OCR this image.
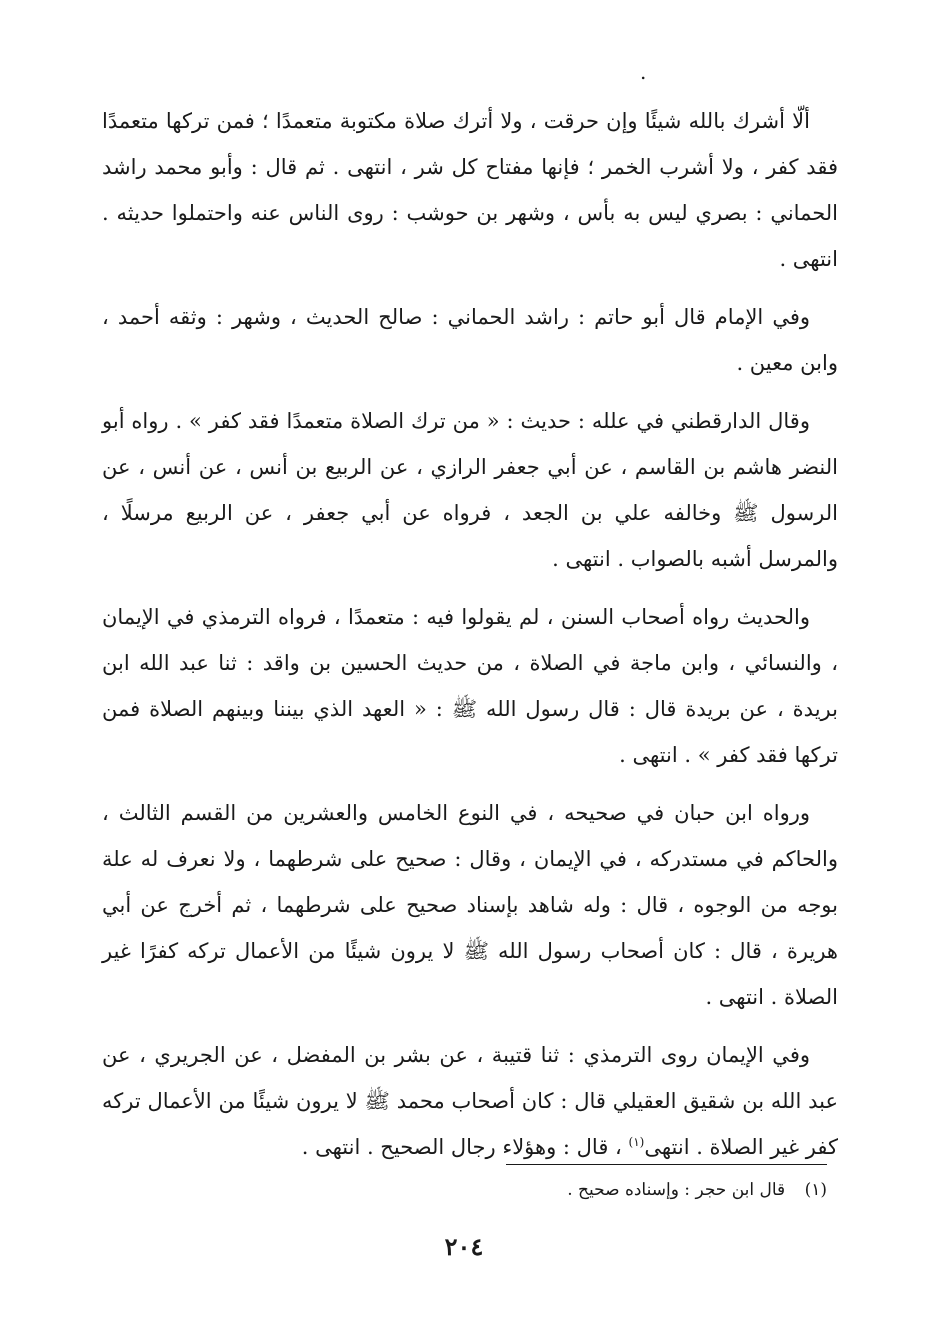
.

ألّا أشرك بالله شيئًا وإن حرقت ، ولا أترك صلاة مكتوبة متعمدًا ؛ فمن تركها متعمدًا فقد كفر ، ولا أشرب الخمر ؛ فإنها مفتاح كل شر ، انتهى . ثم قال : وأبو محمد راشد الحماني : بصري ليس به بأس ، وشهر بن حوشب : روى الناس عنه واحتملوا حديثه . انتهى .

وفي الإمام قال أبو حاتم : راشد الحماني : صالح الحديث ، وشهر : وثقه أحمد ، وابن معين .

وقال الدارقطني في علله : حديث : « من ترك الصلاة متعمدًا فقد كفر » . رواه أبو النضر هاشم بن القاسم ، عن أبي جعفر الرازي ، عن الربيع بن أنس ، عن أنس ، عن الرسول ﷺ وخالفه علي بن الجعد ، فرواه عن أبي جعفر ، عن الربيع مرسلًا ، والمرسل أشبه بالصواب . انتهى .

والحديث رواه أصحاب السنن ، لم يقولوا فيه : متعمدًا ، فرواه الترمذي في الإيمان ، والنسائي ، وابن ماجة في الصلاة ، من حديث الحسين بن واقد : ثنا عبد الله ابن بريدة ، عن بريدة قال : قال رسول الله ﷺ : « العهد الذي بيننا وبينهم الصلاة فمن تركها فقد كفر » . انتهى .

ورواه ابن حبان في صحيحه ، في النوع الخامس والعشرين من القسم الثالث ، والحاكم في مستدركه ، في الإيمان ، وقال : صحيح على شرطهما ، ولا نعرف له علة بوجه من الوجوه ، قال : وله شاهد بإسناد صحيح على شرطهما ، ثم أخرج عن أبي هريرة ، قال : كان أصحاب رسول الله ﷺ لا يرون شيئًا من الأعمال تركه كفرًا غير الصلاة . انتهى .

وفي الإيمان روى الترمذي : ثنا قتيبة ، عن بشر بن المفضل ، عن الجريري ، عن عبد الله بن شقيق العقيلي قال : كان أصحاب محمد ﷺ لا يرون شيئًا من الأعمال تركه كفر غير الصلاة . انتهى$^{(١)}$ ، قال : وهؤلاء رجال الصحيح . انتهى .

(١) قال ابن حجر : وإسناده صحيح .
٢٠٤
